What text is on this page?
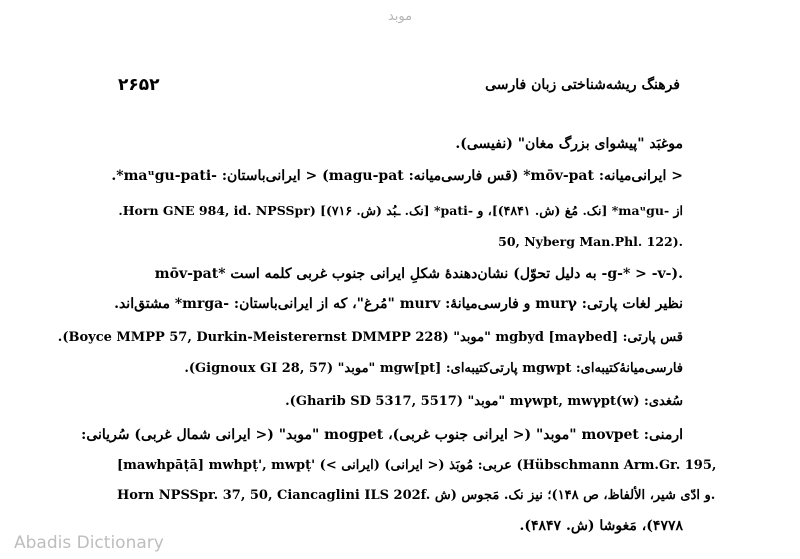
موبد
۲۶۵۲	فرهنگ ریشه‌شناختی زبان فارسی
موغبَد "پیشوای بزرگ مغان" (نفیسی).
< ایرانی‌میانه: mōv-pat* (قس فارسی‌میانه: magu-pat) < ایرانی‌باستان: -maᵘgu-pati*.
از -maᵘgu* [نک. مُغ (ش. ۴۸۴۱)]، و -pati* [نک. ـبُد (ش. ۷۱۶)] (Horn GNE 984, id. NPSSpr.
50, Nyberg Man.Phl. 122).
mōv-pat* نشان‌دهندهٔ شکلِ ایرانی جنوب غربی کلمه است (به دلیل تحوّل -g-* > -v-).
نظیر لغات پارتی: murγ و فارسی‌میانهٔ: murv "مُرغ"، که از ایرانی‌باستان: -mrga* مشتق‌اند.
قس پارتی: [maγbed] mgbyd "موبد" (Boyce MMPP 57, Durkin-Meisterernst DMMPP 228).
فارسی‌میانهٔ‌کتیبه‌ای: mgwpt پارتی‌کتیبه‌ای: [pt]mgw "موبد" (Gignoux GI 28, 57).
سُغدی: mγwpt, mwγpt(w) "موبد" (Gharib SD 5317, 5517).
ارمنی: movpet "موبد" (< ایرانی جنوب غربی)، mogpet "موبد" (< ایرانی شمال غربی) سُریانی:
[mawhpāṭā] mwhpṭ', mwpṭ' (< ایرانی) عربی: مُوبَذ (< ایرانی) (Hübschmann Arm.Gr. 195,
Horn NPSSpr. 37, 50, Ciancaglini ILS 202f. و ادّی شیر، الألفاظ، ص ۱۴۸)؛ نیز نک. مَجوس (ش.
۴۷۷۸)، مَغوشا (ش. ۴۸۴۷).
Abadis Dictionary
